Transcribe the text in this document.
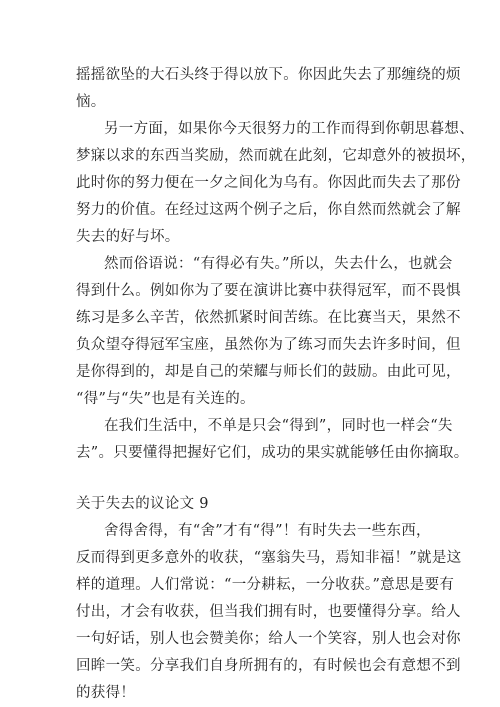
摇摇欲坠的大石头终于得以放下。你因此失去了那缠绕的烦
恼。
另一方面，如果你今天很努力的工作而得到你朝思暮想、
梦寐以求的东西当奖励，然而就在此刻，它却意外的被损坏，
此时你的努力便在一夕之间化为乌有。你因此而失去了那份
努力的价值。在经过这两个例子之后，你自然而然就会了解
失去的好与坏。
然而俗语说：“有得必有失。”所以，失去什么，也就会
得到什么。例如你为了要在演讲比赛中获得冠军，而不畏惧
练习是多么辛苦，依然抓紧时间苦练。在比赛当天，果然不
负众望夺得冠军宝座，虽然你为了练习而失去许多时间，但
是你得到的，却是自己的荣耀与师长们的鼓励。由此可见，
“得”与“失”也是有关连的。
在我们生活中，不单是只会“得到”，同时也一样会“失
去”。只要懂得把握好它们，成功的果实就能够任由你摘取。
关于失去的议论文 9
舍得舍得，有“舍”才有“得”！有时失去一些东西，
反而得到更多意外的收获，“塞翁失马，焉知非福！”就是这
样的道理。人们常说：“一分耕耘，一分收获。”意思是要有
付出，才会有收获，但当我们拥有时，也要懂得分享。给人
一句好话，别人也会赞美你；给人一个笑容，别人也会对你
回眸一笑。分享我们自身所拥有的，有时候也会有意想不到
的获得！
